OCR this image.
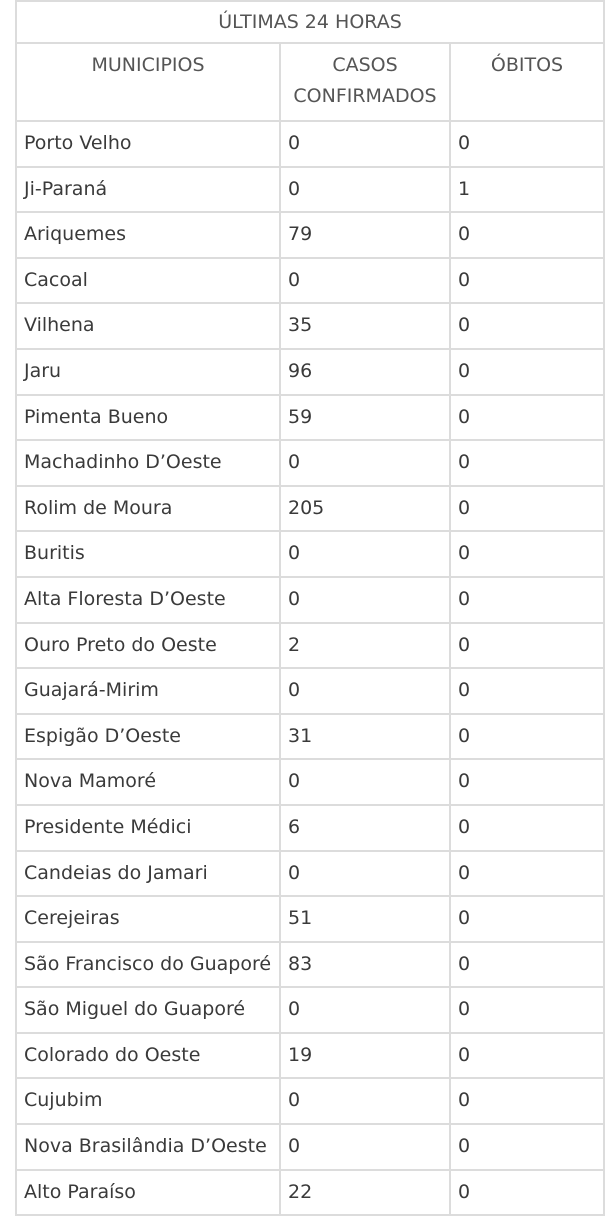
ÚLTIMAS 24 HORAS		
MUNICIPIOS	CASOS CONFIRMADOS	ÓBITOS
Porto Velho	0	0
Ji-Paraná	0	1
Ariquemes	79	0
Cacoal	0	0
Vilhena	35	0
Jaru	96	0
Pimenta Bueno	59	0
Machadinho D’Oeste	0	0
Rolim de Moura	205	0
Buritis	0	0
Alta Floresta D’Oeste	0	0
Ouro Preto do Oeste	2	0
Guajará-Mirim	0	0
Espigão D’Oeste	31	0
Nova Mamoré	0	0
Presidente Médici	6	0
Candeias do Jamari	0	0
Cerejeiras	51	0
São Francisco do Guaporé	83	0
São Miguel do Guaporé	0	0
Colorado do Oeste	19	0
Cujubim	0	0
Nova Brasilândia D’Oeste	0	0
Alto Paraíso	22	0
